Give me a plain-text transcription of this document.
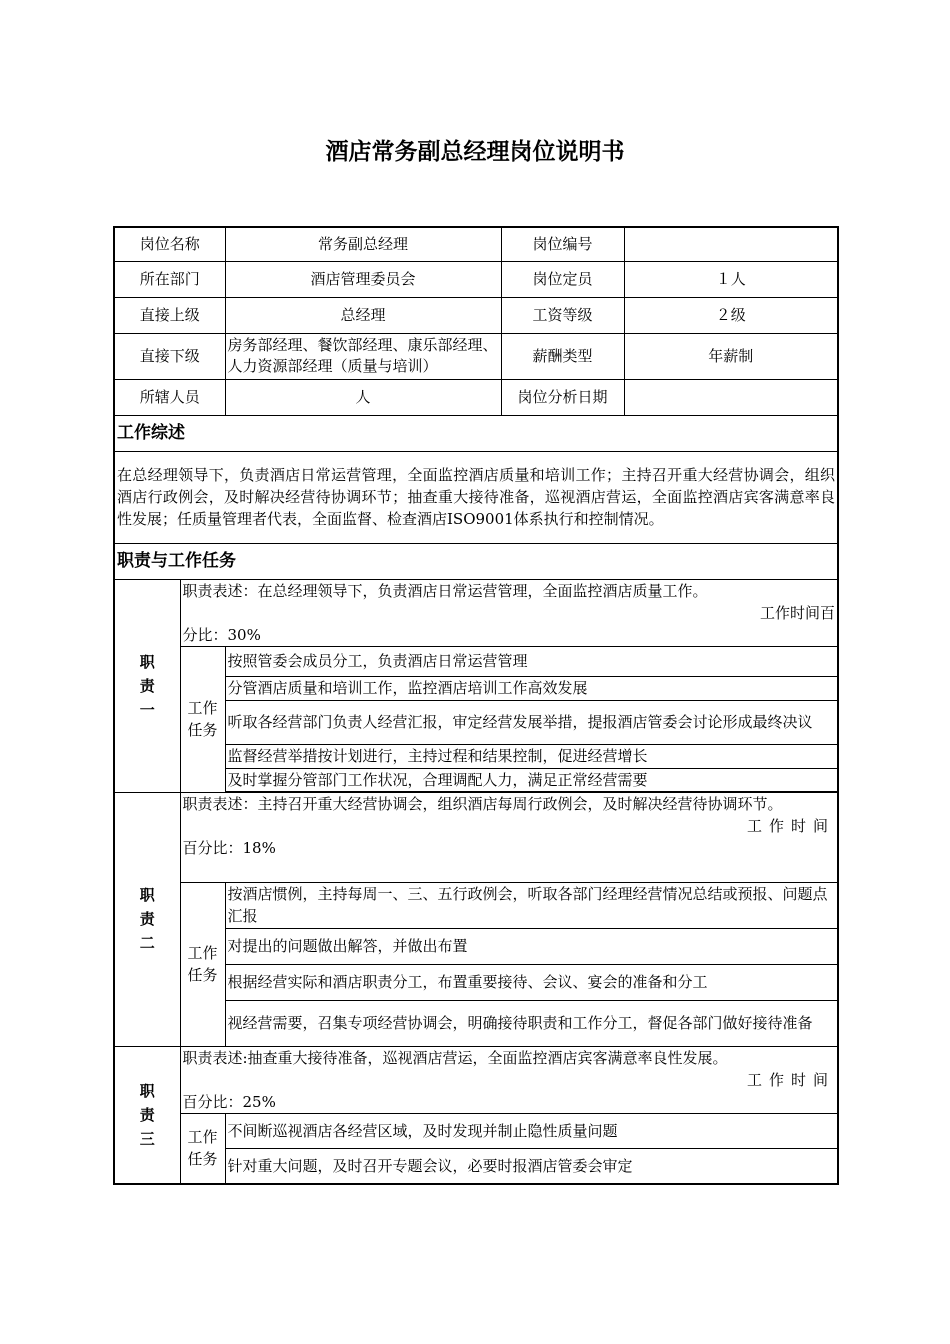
酒店常务副总经理岗位说明书
岗位名称		常务副总经理	岗位编号	
所在部门		酒店管理委员会	岗位定员	１人
直接上级		总经理	工资等级	２级
直接下级		房务部经理、餐饮部经理、康乐部经理、人力资源部经理（质量与培训）	薪酬类型	年薪制
所辖人员		人	岗位分析日期	
工作综述				
在总经理领导下，负责酒店日常运营管理，全面监控酒店质量和培训工作；主持召开重大经营协调会，组织酒店行政例会，及时解决经营待协调环节；抽查重大接待准备，巡视酒店营运，全面监控酒店宾客满意率良性发展；任质量管理者代表，全面监督、检查酒店ISO9001体系执行和控制情况。				
职责与工作任务				
职责一	职责表述：在总经理领导下，负责酒店日常运营管理，全面监控酒店质量工作。
工作时间百
分比：30%			

	工作任务	按照管委会成员分工，负责酒店日常运营管理		
		分管酒店质量和培训工作，监控酒店培训工作高效发展		
		听取各经营部门负责人经营汇报，审定经营发展举措，提报酒店管委会讨论形成最终决议		
		监督经营举措按计划进行，主持过程和结果控制，促进经营增长		
		及时掌握分管部门工作状况，合理调配人力，满足正常经营需要		

职责二	职责表述：主持召开重大经营协调会，组织酒店每周行政例会，及时解决经营待协调环节。
工作时间
百分比：18%			

	工作任务	按酒店惯例，主持每周一、三、五行政例会，听取各部门经理经营情况总结或预报、问题点汇报		
		对提出的问题做出解答，并做出布置		
		根据经营实际和酒店职责分工，布置重要接待、会议、宴会的准备和分工		
		视经营需要，召集专项经营协调会，明确接待职责和工作分工，督促各部门做好接待准备		
职责三	职责表述:抽查重大接待准备，巡视酒店营运，全面监控酒店宾客满意率良性发展。
工作时间
百分比：25%			

	工作任务	不间断巡视酒店各经营区域，及时发现并制止隐性质量问题		
		针对重大问题，及时召开专题会议，必要时报酒店管委会审定		
